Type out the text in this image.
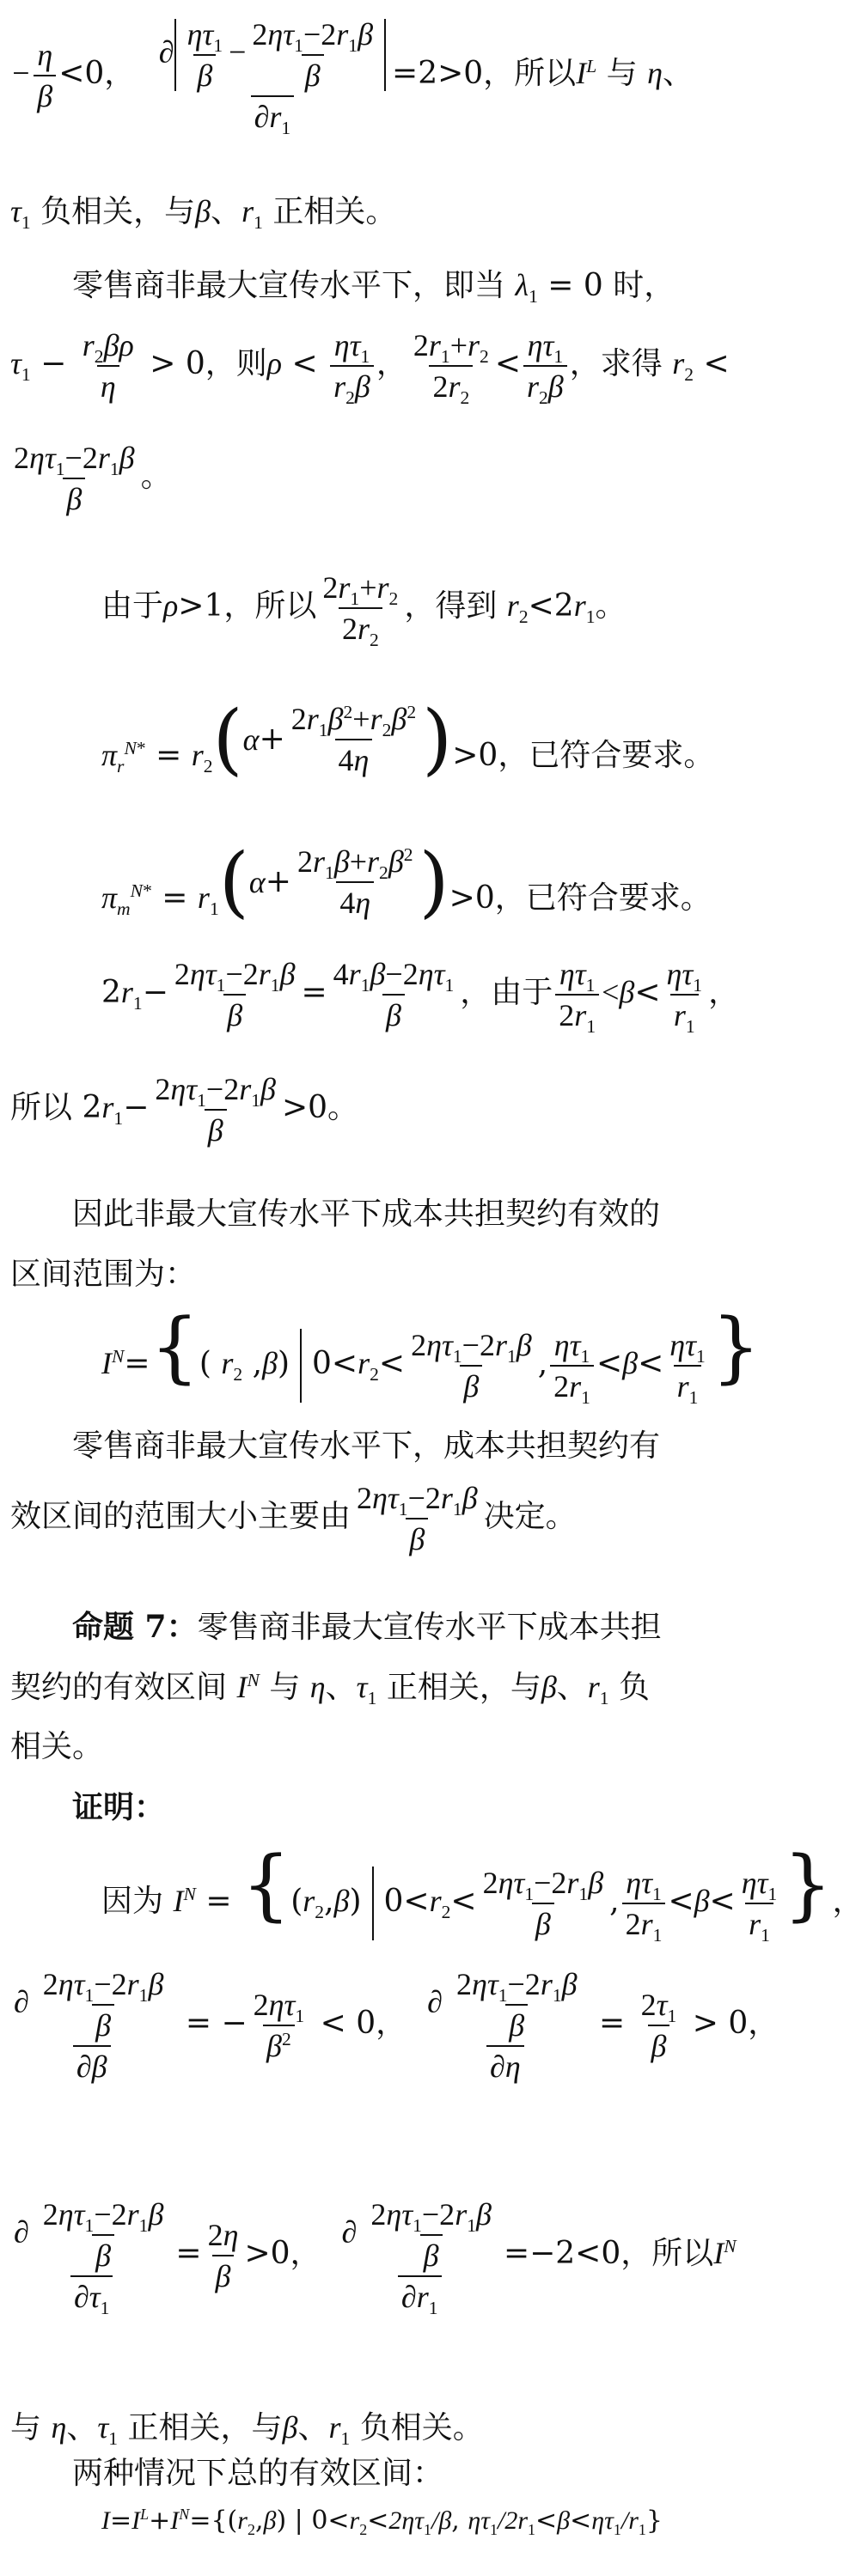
− $\frac{\eta}{\beta} <0$， $\frac{\partial \frac{\eta\tau_1}{\beta} - \frac{2\eta\tau_1-2r_1\beta}{\beta}}{\partial r_1} =2>0$，所以$I^L$ 与 η、
$\tau_1$ 负相关，与β、$r_1$ 正相关。
零售商非最大宣传水平下，即当 $\lambda_1 = 0$ 时，
$\tau_1 - \frac{r_2\beta\rho}{\eta} > 0$，则$\rho < \frac{\eta\tau_1}{r_2\beta}$ ， $\frac{2r_1+r_2}{2r_2} < \frac{\eta\tau_1}{r_2\beta}$ ，求得 $r_2$ <
$\frac{2\eta\tau_1-2r_1\beta}{\beta}$ 。
由于ρ>1，所以 $\frac{2r_1+r_2}{2r_2}$ ，得到 $r_2<2r_1$。
$\pi_r^{N*} = r_2$ ( $\alpha + \frac{2r_1\beta^2+r_2\beta^2}{4\eta}$ ) >0，已符合要求。
$\pi_m^{N*} = r_1$ ( $\alpha + \frac{2r_1\beta+r_2\beta^2}{4\eta}$ ) >0，已符合要求。
$2r_1- \frac{2\eta\tau_1-2r_1\beta}{\beta} = \frac{4r_1\beta-2\eta\tau_1}{\beta}$ ，由于 $\frac{\eta\tau_1}{2r_1} <\beta< \frac{\eta\tau_1}{r_1}$ ，
所以 $2r_1- \frac{2\eta\tau_1-2r_1\beta}{\beta} >0$。
因此非最大宣传水平下成本共担契约有效的
区间范围为：
$I^N=${( $r_2$ ,β) $0<r_2< \frac{2\eta\tau_1-2r_1\beta}{\beta}$ , $\frac{\eta\tau_1}{2r_1} <\beta< \frac{\eta\tau_1}{r_1}$ }
零售商非最大宣传水平下，成本共担契约有
效区间的范围大小主要由 $\frac{2\eta\tau_1-2r_1\beta}{\beta}$ 决定。
命题 7：零售商非最大宣传水平下成本共担
契约的有效区间 $I^N$ 与 η、$\tau_1$ 正相关，与β、$r_1$ 负
相关。
证明：
因为 $I^N = \{(r_2,\beta)$ $0<r_2< \frac{2\eta\tau_1-2r_1\beta}{\beta}$ , $\frac{\eta\tau_1}{2r_1} <\beta< \frac{\eta\tau_1}{r_1}$ }，
$\frac{\partial \frac{2\eta\tau_1-2r_1\beta}{\beta}}{\partial\beta}$ = − $\frac{2\eta\tau_1}{\beta^2} < 0$， $\frac{\partial \frac{2\eta\tau_1-2r_1\beta}{\beta}}{\partial\eta} = \frac{2\tau_1}{\beta} > 0$，
$\frac{\partial \frac{2\eta\tau_1-2r_1\beta}{\beta}}{\partial\tau_1} = \frac{2\eta}{\beta} >0$， $\frac{\partial \frac{2\eta\tau_1-2r_1\beta}{\beta}}{\partial r_1} =-2<0$，所以$I^N$
与 η、$\tau_1$ 正相关，与β、$r_1$ 负相关。
两种情况下总的有效区间：
$I=I^L+I^N=\{(r_2,\beta)$ | $0<r_2<2\eta\tau_1/\beta$, $\eta\tau_1/2r_1<\beta<\eta\tau_1/r_1$}
